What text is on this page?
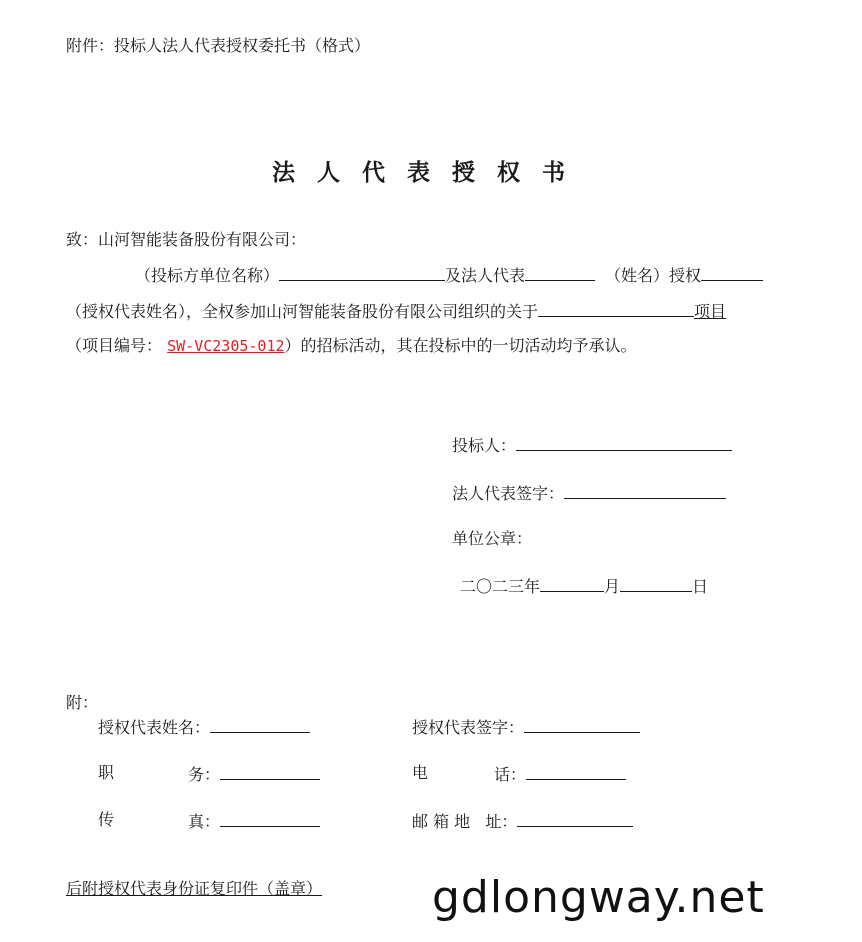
附件：投标人法人代表授权委托书（格式）
法人代表授权书
致：山河智能装备股份有限公司：
（投标方单位名称）	及法人代表	（姓名）授权
（授权代表姓名），全权参加山河智能装备股份有限公司组织的关于	项目
（项目编号： SW-VC2305-012）的招标活动，其在投标中的一切活动均予承认。
投标人：
法人代表签字：
单位公章：
二〇二三年	月	日
附：
授权代表姓名：	授权代表签字：
职	务：	电	话：
传	真：	邮 箱 地   址：
后附授权代表身份证复印件（盖章） gdlongway.net
